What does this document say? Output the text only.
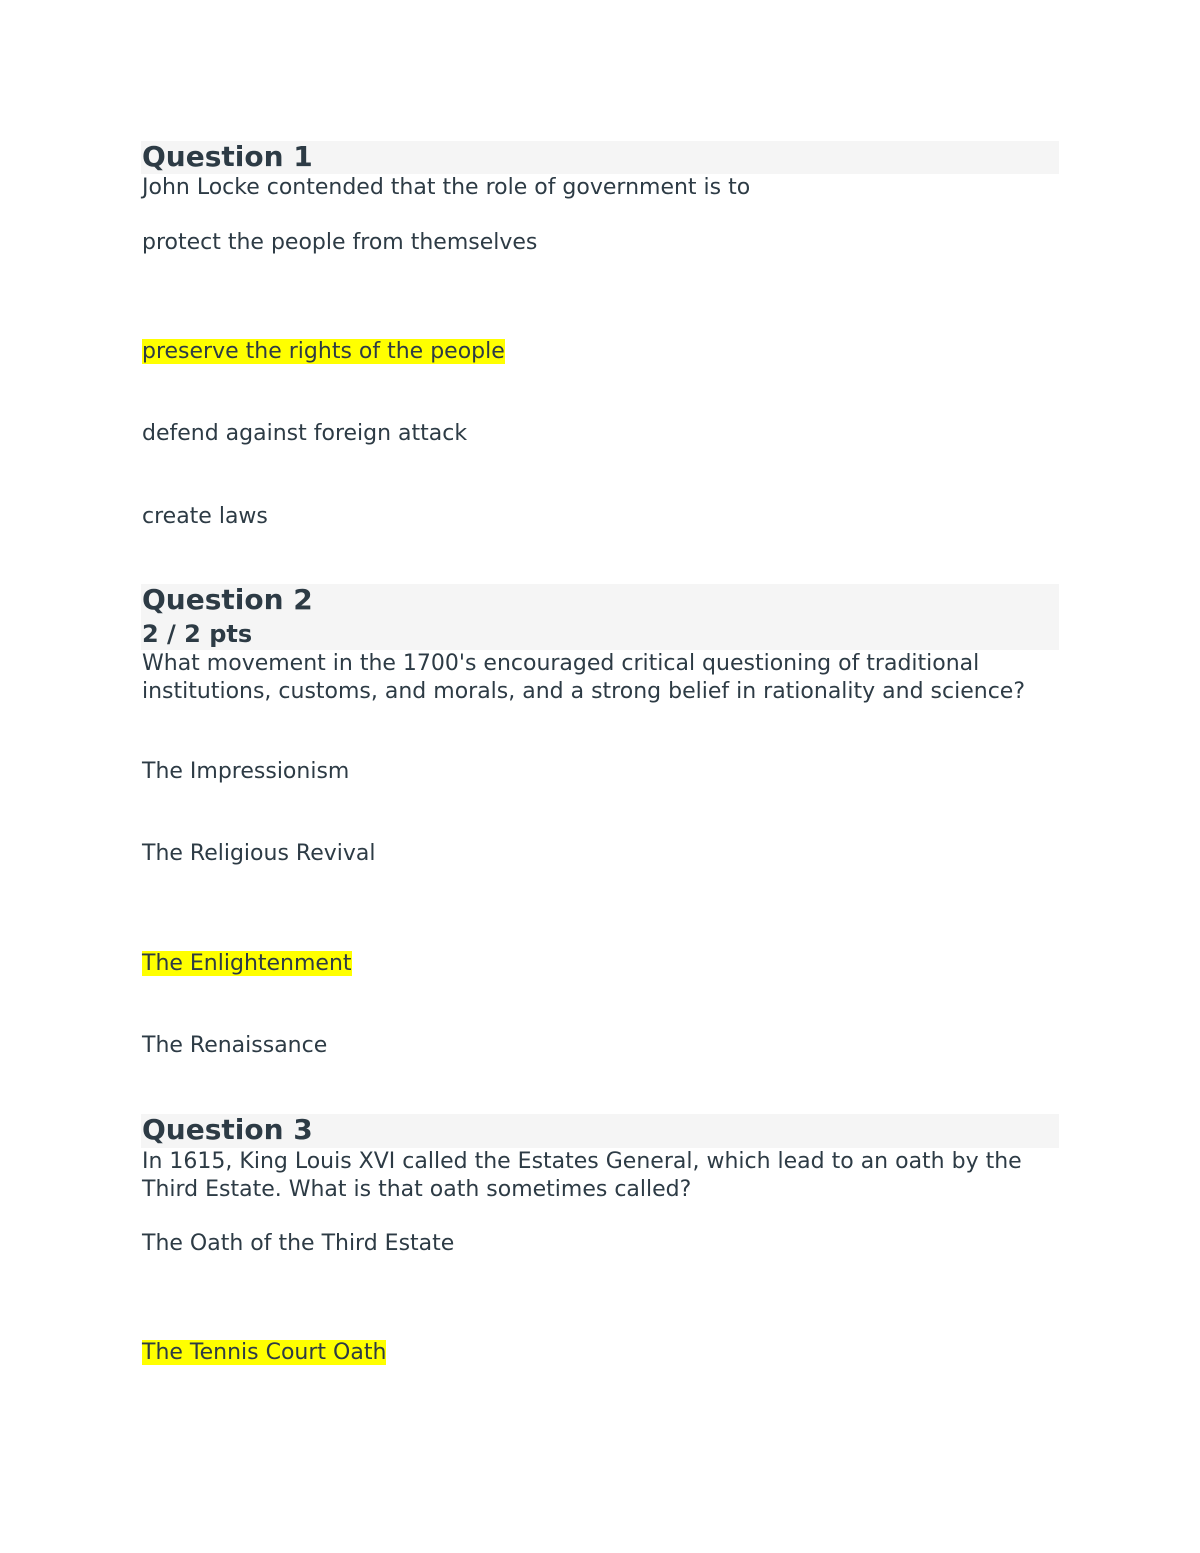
Question 1
John Locke contended that the role of government is to
protect the people from themselves
preserve the rights of the people
defend against foreign attack
create laws
Question 2
2 / 2 pts
What movement in the 1700's encouraged critical questioning of traditional institutions, customs, and morals, and a strong belief in rationality and science?
The Impressionism
The Religious Revival
The Enlightenment
The Renaissance
Question 3
In 1615, King Louis XVI called the Estates General, which lead to an oath by the Third Estate. What is that oath sometimes called?
The Oath of the Third Estate
The Tennis Court Oath
